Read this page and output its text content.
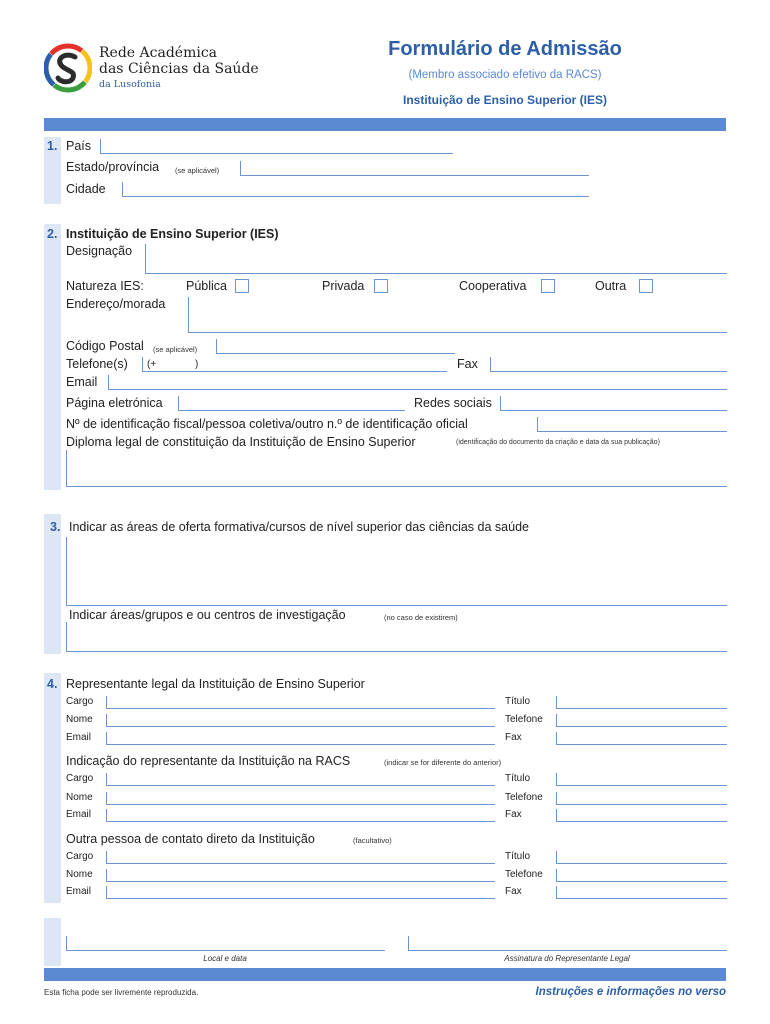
Rede Académica
das Ciências da Saúde
da Lusofonia
Formulário de Admissão
(Membro associado efetivo da RACS)
Instituição de Ensino Superior (IES)
1. País
Estado/província (se aplicável)
Cidade
2. Instituição de Ensino Superior (IES)
Designação
Natureza IES:	Pública	Privada	Cooperativa	Outra
Endereço/morada
Código Postal (se aplicável)
Telefone(s) (+	)	Fax
Email
Página eletrónica	Redes sociais
Nº de identificação fiscal/pessoa coletiva/outro n.º de identificação oficial
Diploma legal de constituição da Instituição de Ensino Superior	(identificação do documento da criação e data da sua publicação)
3. Indicar as áreas de oferta formativa/cursos de nível superior das ciências da saúde
Indicar áreas/grupos e ou centros de investigação	(no caso de existirem)
4. Representante legal da Instituição de Ensino Superior
Cargo	Título
Nome	Telefone
Email	Fax
Indicação do representante da Instituição na RACS	(indicar se for diferente do anterior)
Cargo	Título
Nome	Telefone
Email	Fax
Outra pessoa de contato direto da Instituição	(facultativo)
Cargo	Título
Nome	Telefone
Email	Fax
Local e data	Assinatura do Representante Legal
Esta ficha pode ser livremente reproduzida.	Instruções e informações no verso
